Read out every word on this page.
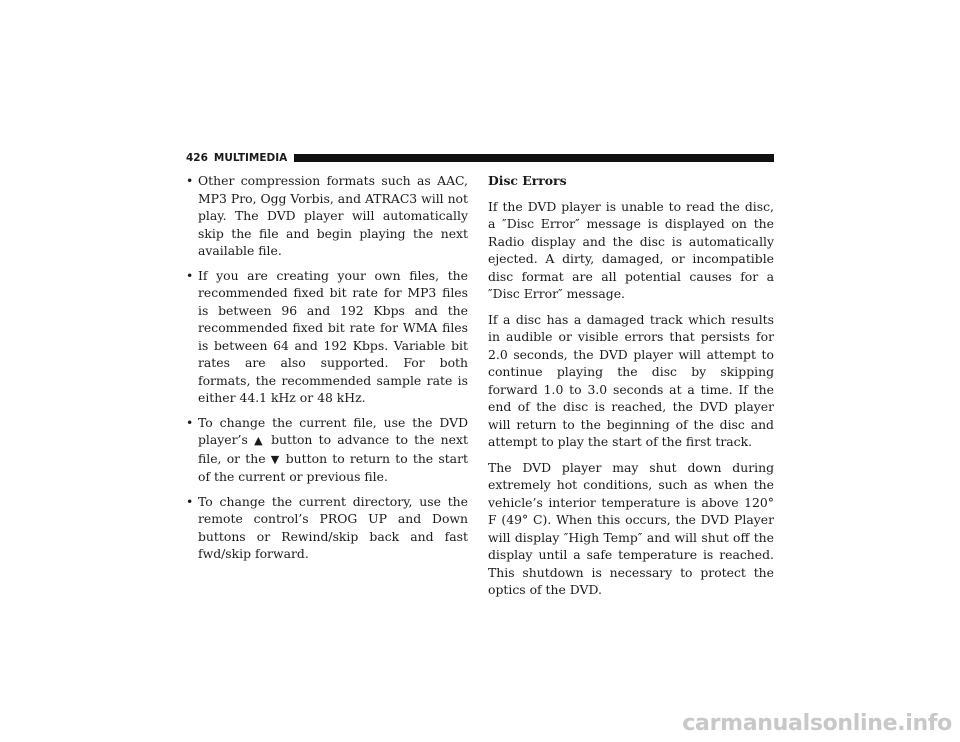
426 MULTIMEDIA
• Other compression formats such as AAC, MP3 Pro, Ogg Vorbis, and ATRAC3 will not play. The DVD player will automatically skip the file and begin playing the next available file.
• If you are creating your own files, the recommended fixed bit rate for MP3 files is between 96 and 192 Kbps and the recommended fixed bit rate for WMA files is between 64 and 192 Kbps. Variable bit rates are also supported. For both formats, the recommended sample rate is either 44.1 kHz or 48 kHz.
• To change the current file, use the DVD player’s ▲ button to advance to the next file, or the ▼ button to return to the start of the current or previous file.
• To change the current directory, use the remote control’s PROG UP and Down buttons or Rewind/skip back and fast fwd/skip forward.
Disc Errors

If the DVD player is unable to read the disc, a ″Disc Error″ message is displayed on the Radio display and the disc is automatically ejected. A dirty, damaged, or incompatible disc format are all potential causes for a ″Disc Error″ message.

If a disc has a damaged track which results in audible or visible errors that persists for 2.0 seconds, the DVD player will attempt to continue playing the disc by skipping forward 1.0 to 3.0 seconds at a time. If the end of the disc is reached, the DVD player will return to the beginning of the disc and attempt to play the start of the first track.

The DVD player may shut down during extremely hot conditions, such as when the vehicle’s interior temperature is above 120° F (49° C). When this occurs, the DVD Player will display ″High Temp″ and will shut off the display until a safe temperature is reached. This shutdown is necessary to protect the optics of the DVD.

carmanualsonline.info
